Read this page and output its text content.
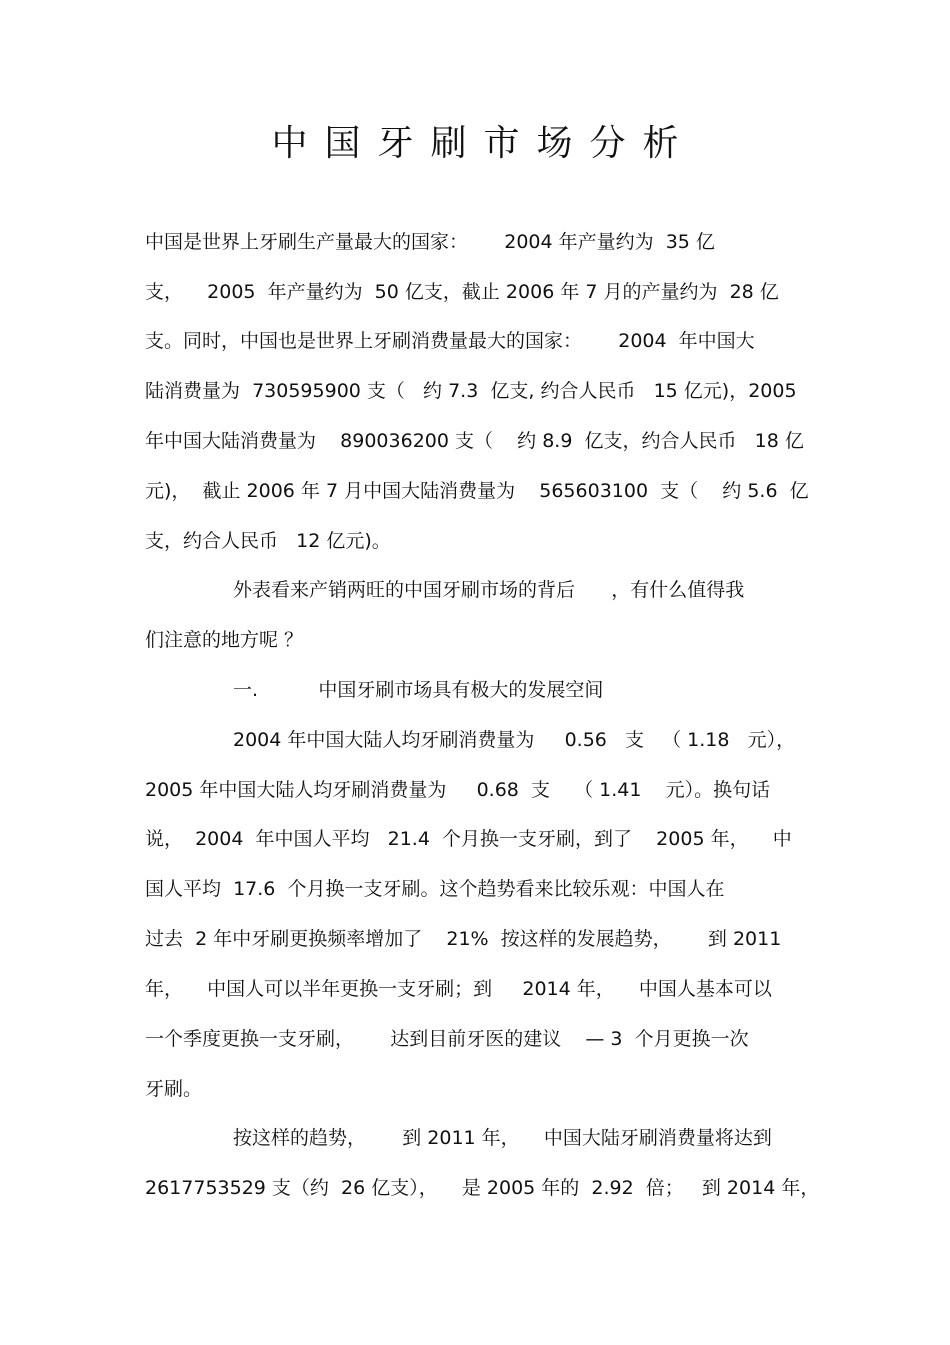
中国牙刷市场分析
中国是世界上牙刷生产量最大的国家：      2004 年产量约为  35 亿
支，    2005  年产量约为  50 亿支，截止 2006 年 7 月的产量约为  28 亿
支。同时，中国也是世界上牙刷消费量最大的国家：      2004  年中国大
陆消费量为  730595900 支（   约 7.3  亿支, 约合人民币   15 亿元)，2005
年中国大陆消费量为    890036200 支（    约 8.9  亿支，约合人民币   18 亿
元)，  截止 2006 年 7 月中国大陆消费量为    565603100  支（    约 5.6  亿
支，约合人民币   12 亿元)。
外表看来产销两旺的中国牙刷市场的背后      ，有什么值得我
们注意的地方呢 ？
一.          中国牙刷市场具有极大的发展空间
2004 年中国大陆人均牙刷消费量为     0.56   支   （ 1.18   元），
2005 年中国大陆人均牙刷消费量为     0.68  支    （ 1.41    元）。换句话
说，  2004  年中国人平均   21.4  个月换一支牙刷，到了    2005 年，    中
国人平均  17.6  个月换一支牙刷。这个趋势看来比较乐观：中国人在
过去  2 年中牙刷更换频率增加了    21%  按这样的发展趋势，      到 2011
年，    中国人可以半年更换一支牙刷；到     2014 年，    中国人基本可以
一个季度更换一支牙刷，      达到目前牙医的建议    — 3  个月更换一次
牙刷。
按这样的趋势，      到 2011 年，    中国大陆牙刷消费量将达到
2617753529 支（约  26 亿支），    是 2005 年的  2.92  倍；   到 2014 年，
